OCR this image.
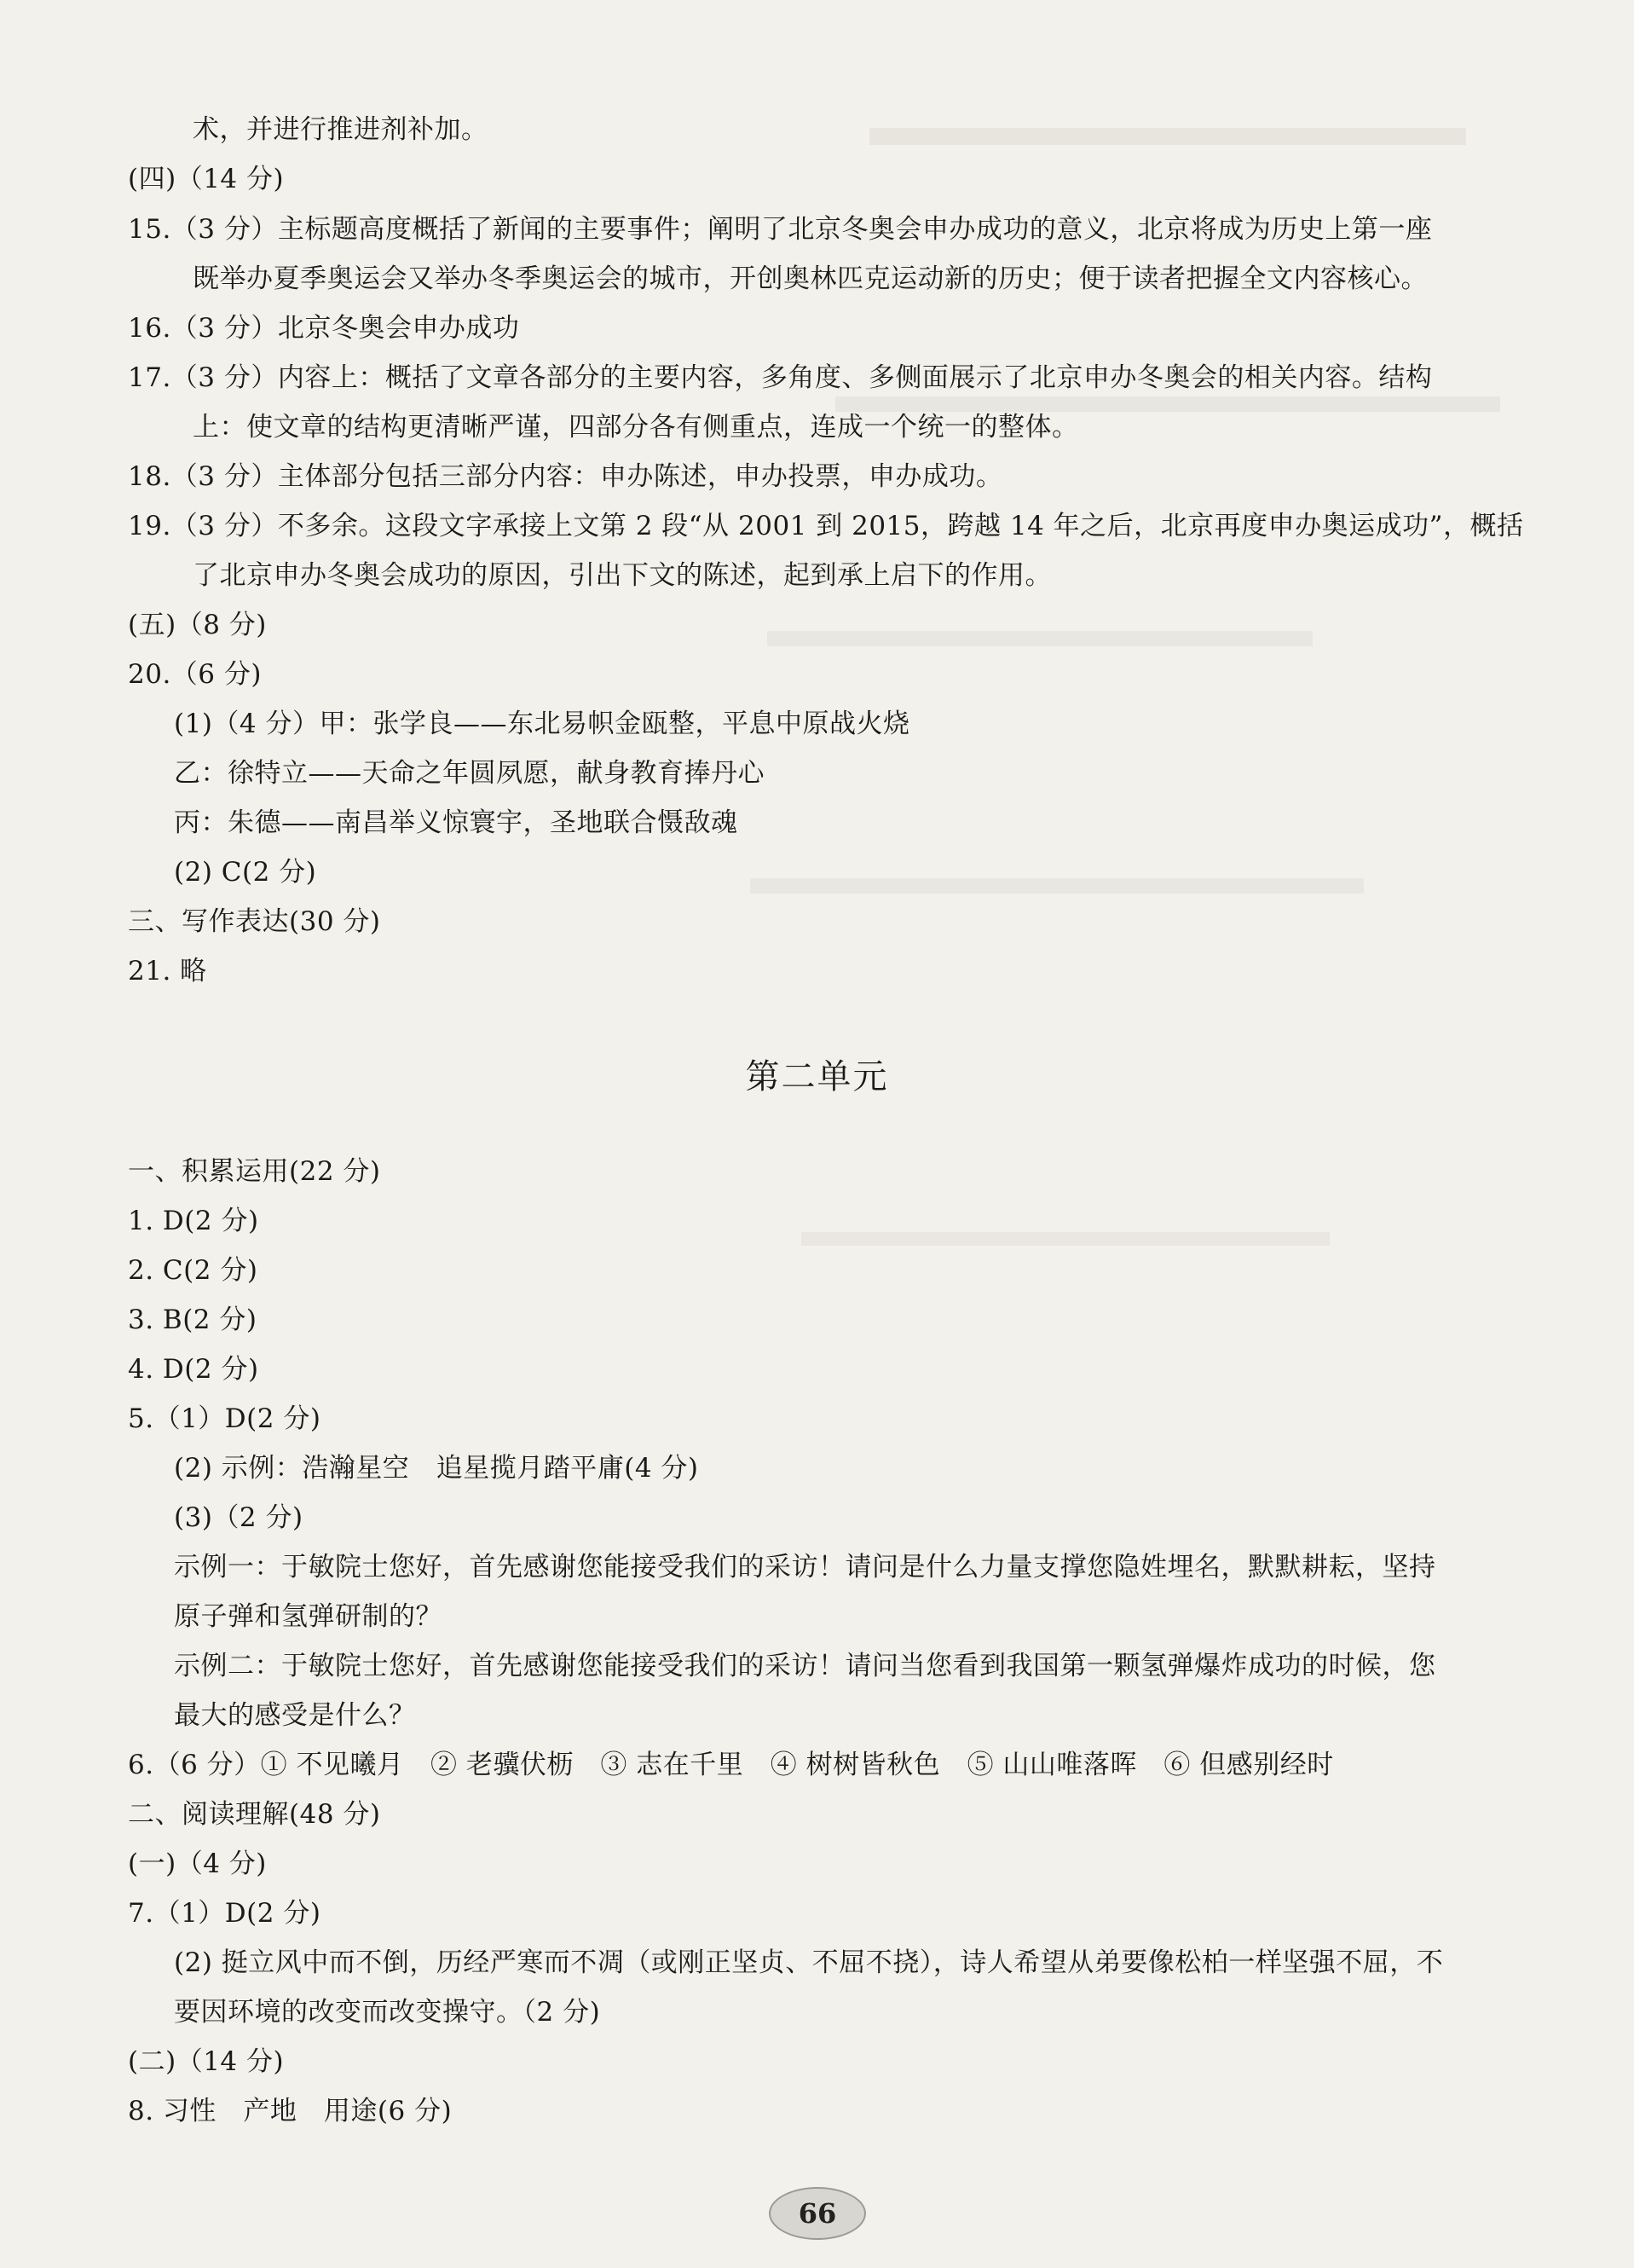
术，并进行推进剂补加。
(四)（14 分)
15.（3 分）主标题高度概括了新闻的主要事件；阐明了北京冬奥会申办成功的意义，北京将成为历史上第一座
既举办夏季奥运会又举办冬季奥运会的城市，开创奥林匹克运动新的历史；便于读者把握全文内容核心。
16.（3 分）北京冬奥会申办成功
17.（3 分）内容上：概括了文章各部分的主要内容，多角度、多侧面展示了北京申办冬奥会的相关内容。结构
上：使文章的结构更清晰严谨，四部分各有侧重点，连成一个统一的整体。
18.（3 分）主体部分包括三部分内容：申办陈述，申办投票，申办成功。
19.（3 分）不多余。这段文字承接上文第 2 段“从 2001 到 2015，跨越 14 年之后，北京再度申办奥运成功”，概括
了北京申办冬奥会成功的原因，引出下文的陈述，起到承上启下的作用。
(五)（8 分)
20.（6 分)
(1)（4 分）甲：张学良——东北易帜金瓯整，平息中原战火烧
乙：徐特立——天命之年圆夙愿，献身教育捧丹心
丙：朱德——南昌举义惊寰宇，圣地联合慑敌魂
(2) C(2 分)
三、写作表达(30 分)
21. 略
第二单元
一、积累运用(22 分)
1. D(2 分)
2. C(2 分)
3. B(2 分)
4. D(2 分)
5.（1）D(2 分)
(2) 示例：浩瀚星空　追星揽月踏平庸(4 分)
(3)（2 分)
示例一：于敏院士您好，首先感谢您能接受我们的采访！请问是什么力量支撑您隐姓埋名，默默耕耘，坚持
原子弹和氢弹研制的？
示例二：于敏院士您好，首先感谢您能接受我们的采访！请问当您看到我国第一颗氢弹爆炸成功的时候，您
最大的感受是什么？
6.（6 分）① 不见曦月　② 老骥伏枥　③ 志在千里　④ 树树皆秋色　⑤ 山山唯落晖　⑥ 但感别经时
二、阅读理解(48 分)
(一)（4 分)
7.（1）D(2 分)
(2) 挺立风中而不倒，历经严寒而不凋（或刚正坚贞、不屈不挠），诗人希望从弟要像松柏一样坚强不屈，不
要因环境的改变而改变操守。（2 分)
(二)（14 分)
8. 习性　产地　用途(6 分)
66
